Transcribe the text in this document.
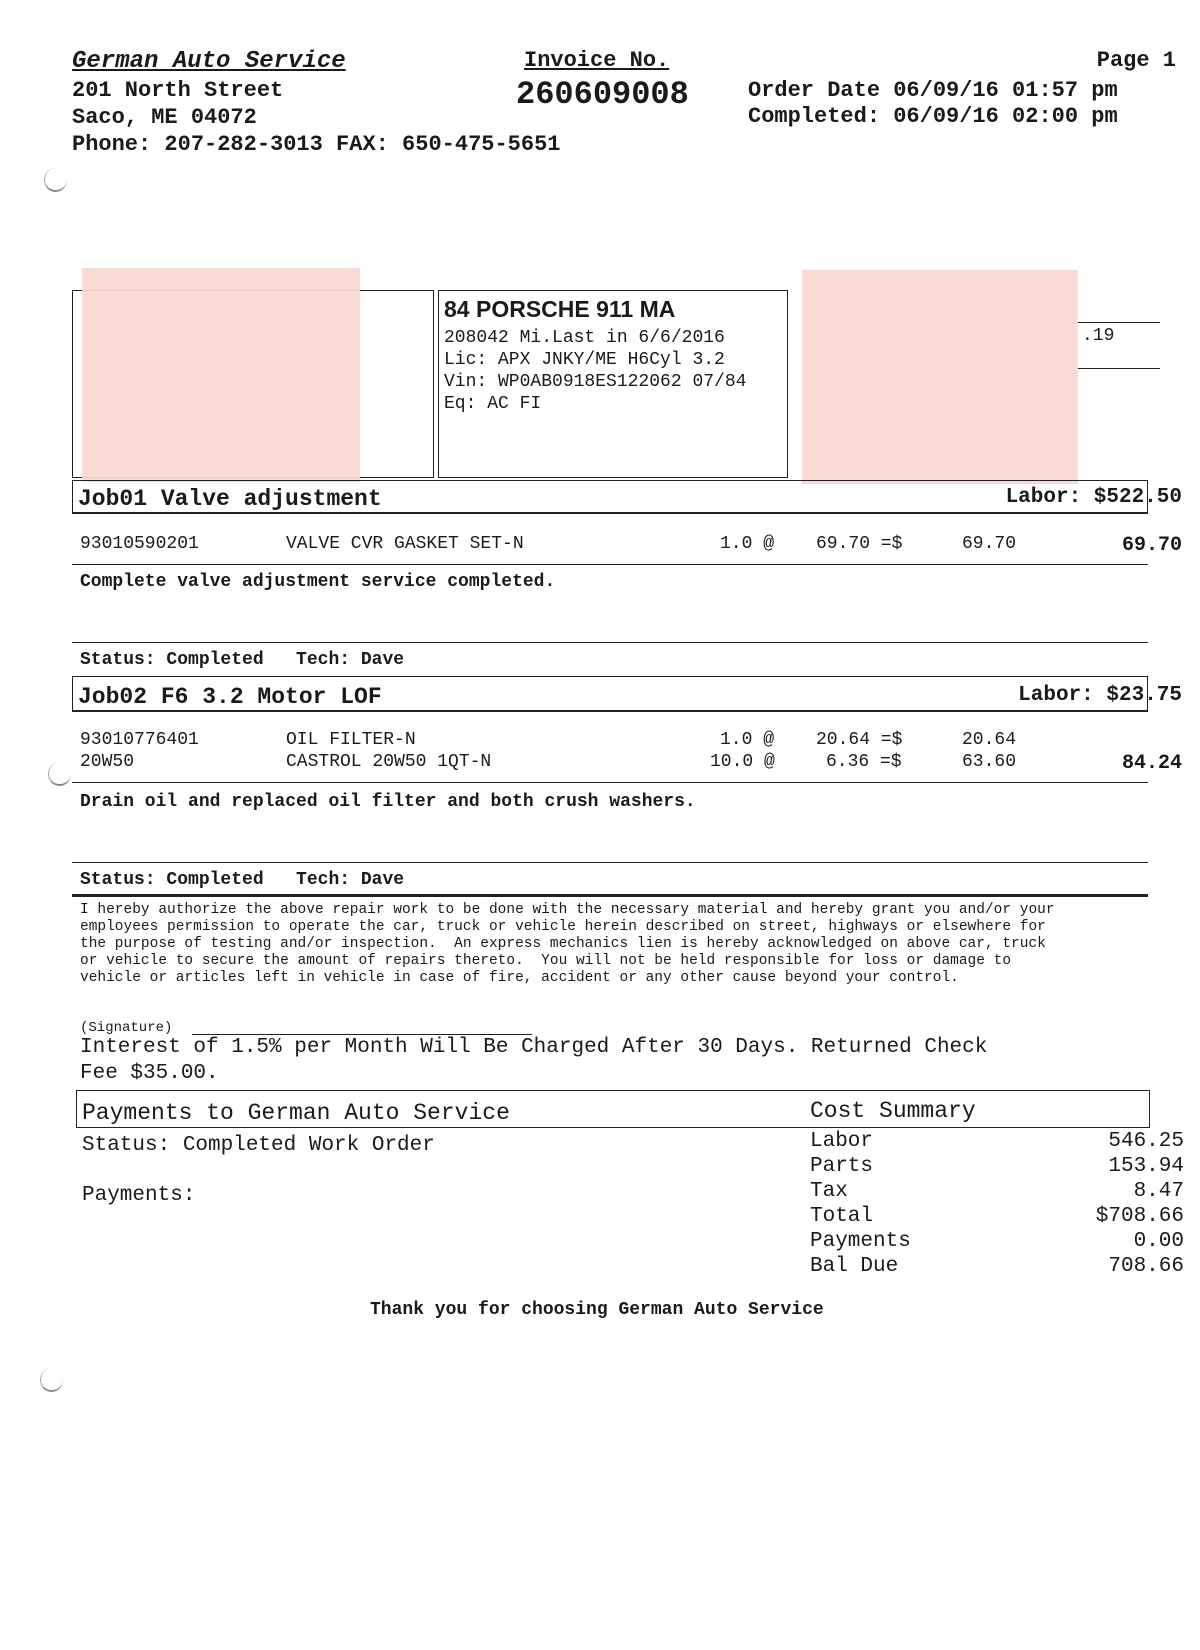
German Auto Service
201 North Street
Saco, ME 04072
Phone: 207-282-3013 FAX: 650-475-5651
Invoice No.
260609008
Page 1
Order Date 06/09/16 01:57 pm
Completed: 06/09/16 02:00 pm
84 PORSCHE 911 MA
208042 Mi.Last in 6/6/2016
Lic: APX JNKY/ME H6Cyl 3.2
Vin: WP0AB0918ES122062 07/84
Eq: AC FI
.19
Job01 Valve adjustment	Labor: $522.50
93010590201	VALVE CVR GASKET SET-N	1.0 @ 69.70 =$	69.70	69.70
Complete valve adjustment service completed.
Status: Completed   Tech: Dave
Job02 F6 3.2 Motor LOF	Labor: $23.75
93010776401	OIL FILTER-N	1.0 @ 20.64 =$	20.64
20W50	CASTROL 20W50 1QT-N	10.0 @	6.36 =$	63.60	84.24
Drain oil and replaced oil filter and both crush washers.
Status: Completed   Tech: Dave
I hereby authorize the above repair work to be done with the necessary material and hereby grant you and/or your
employees permission to operate the car, truck or vehicle herein described on street, highways or elsewhere for
the purpose of testing and/or inspection.  An express mechanics lien is hereby acknowledged on above car, truck
or vehicle to secure the amount of repairs thereto.  You will not be held responsible for loss or damage to
vehicle or articles left in vehicle in case of fire, accident or any other cause beyond your control.
(Signature)
Interest of 1.5% per Month Will Be Charged After 30 Days. Returned Check
Fee $35.00.
Payments to German Auto Service	Cost Summary
Status: Completed Work Order
Payments:
Labor	546.25
Parts	153.94
Tax	8.47
Total	$708.66
Payments	0.00
Bal Due	708.66
Thank you for choosing German Auto Service
